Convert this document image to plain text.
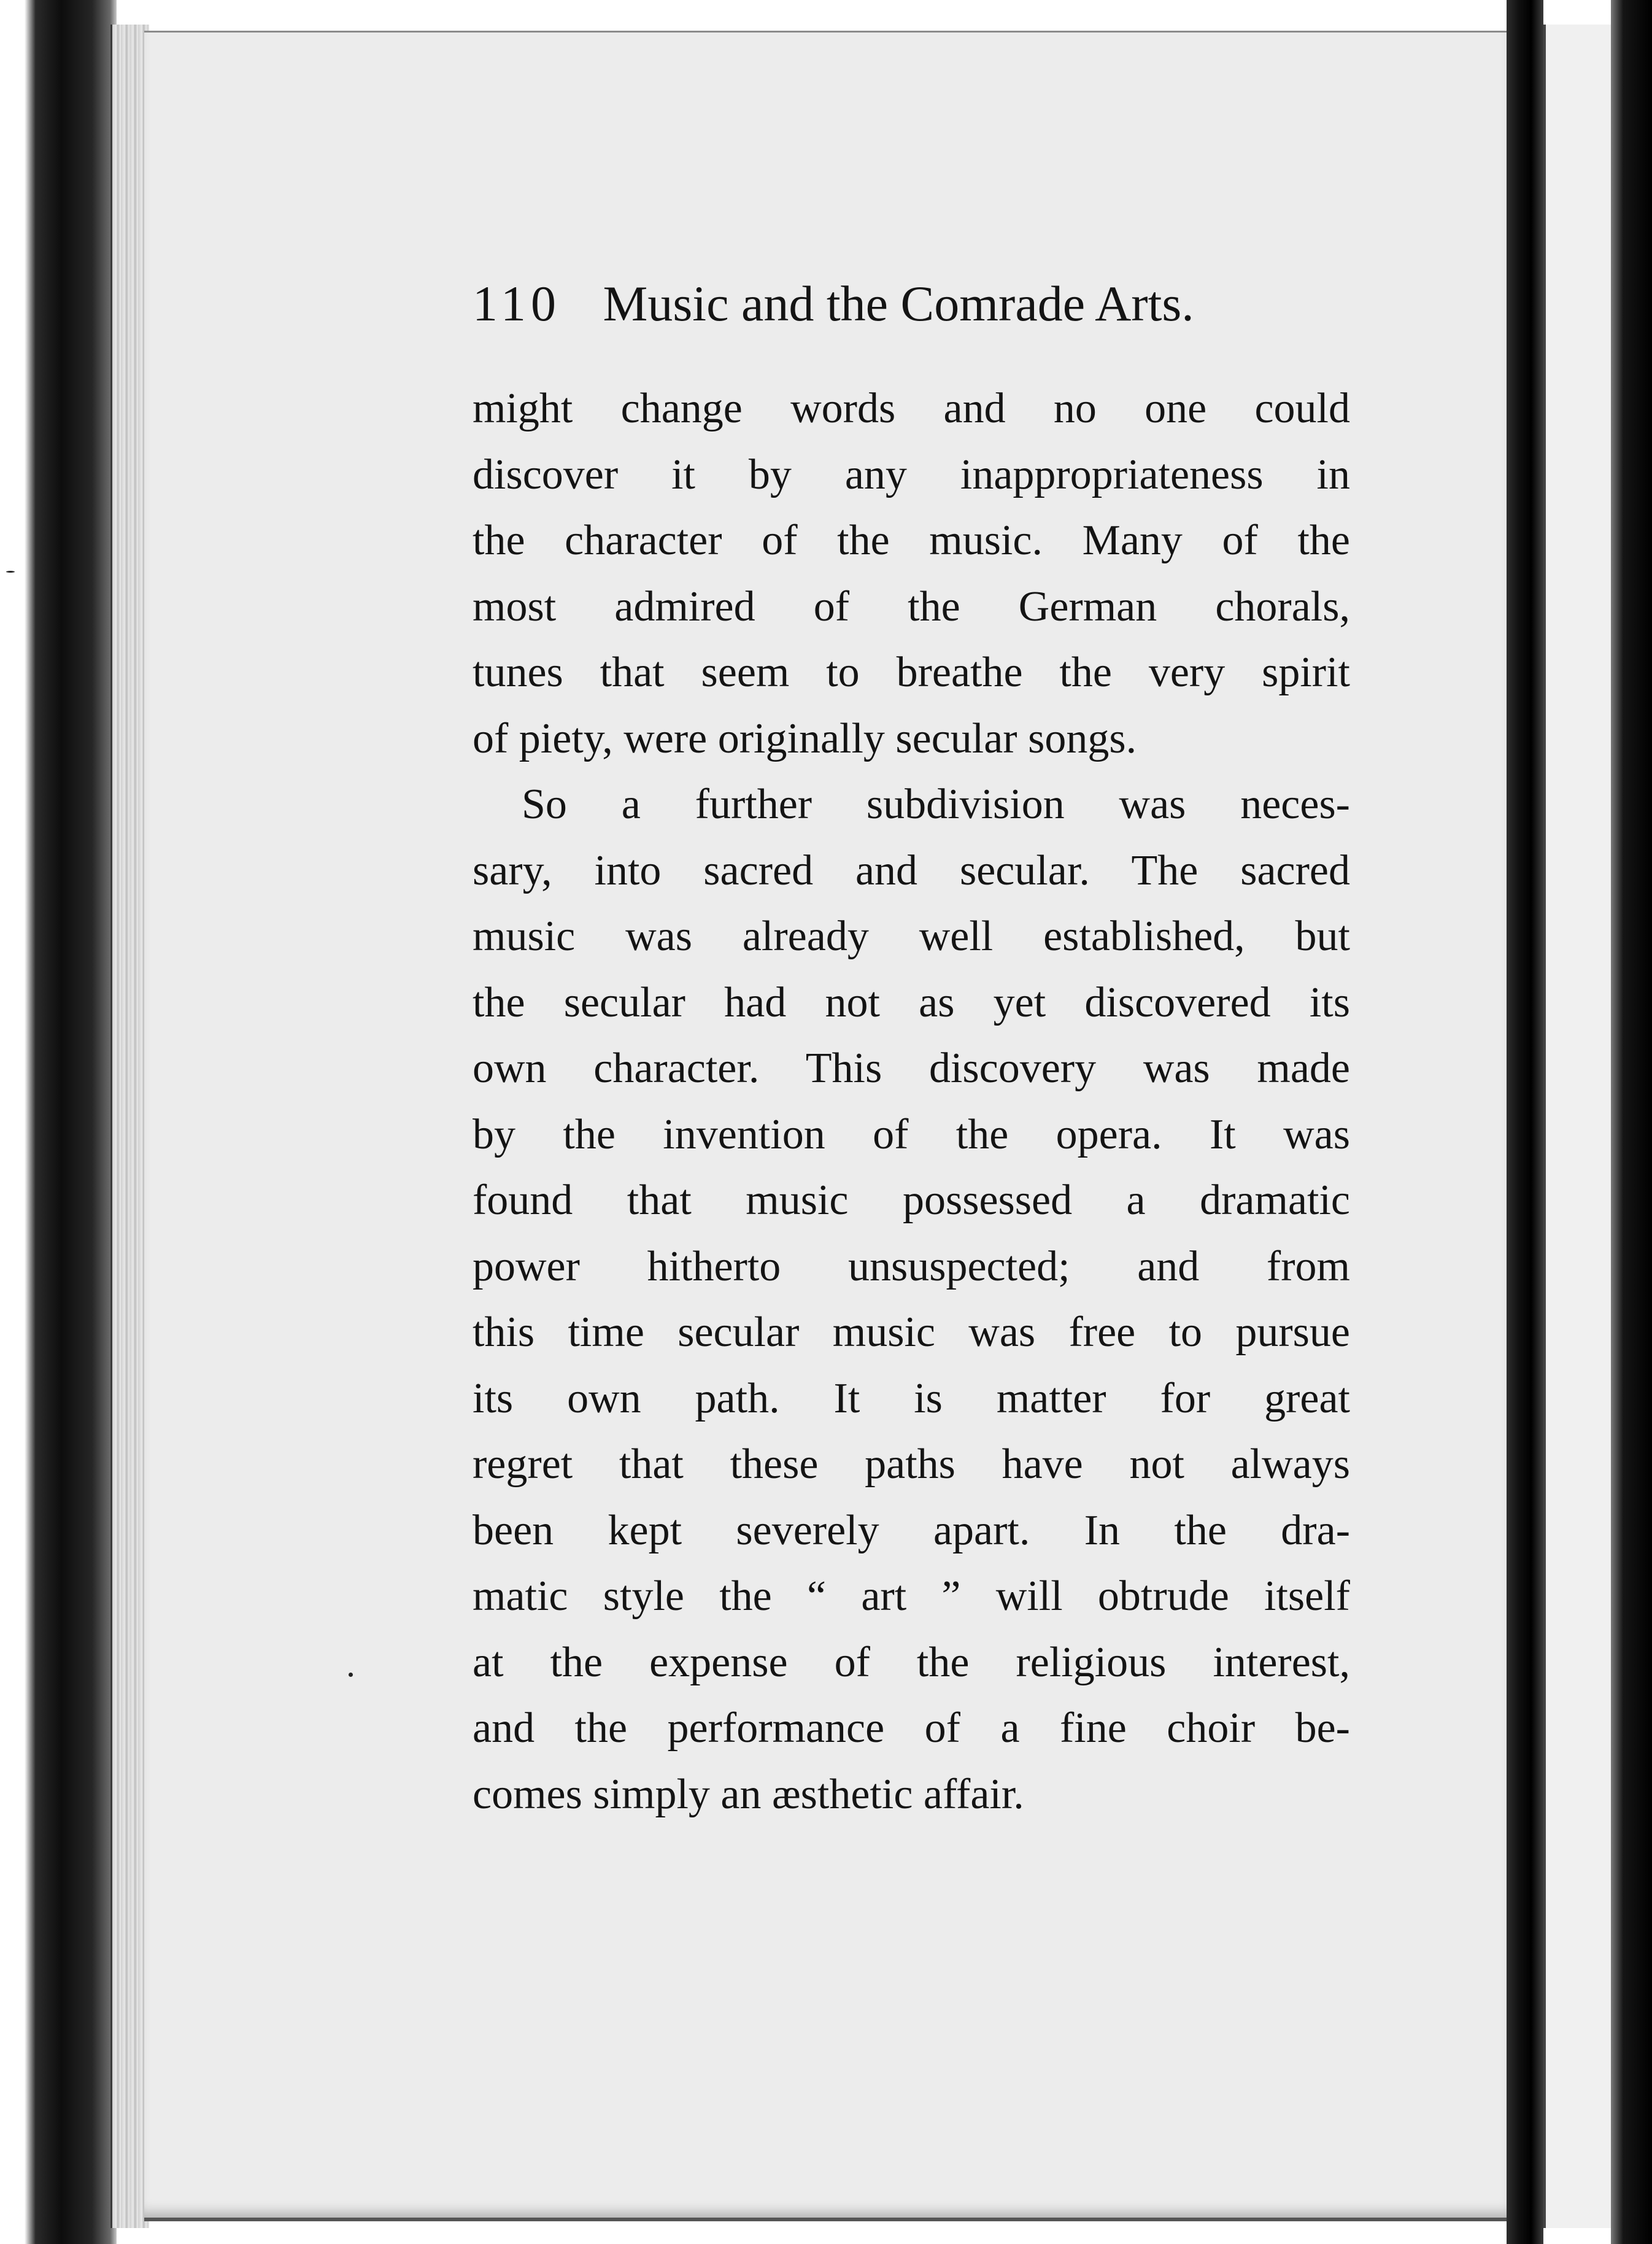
110 Music and the Comrade Arts.
might change words and no one could
discover it by any inappropriateness in
the character of the music. Many of the
most admired of the German chorals,
tunes that seem to breathe the very spirit
of piety, were originally secular songs.
So a further subdivision was neces-
sary, into sacred and secular. The sacred
music was already well established, but
the secular had not as yet discovered its
own character. This discovery was made
by the invention of the opera. It was
found that music possessed a dramatic
power hitherto unsuspected; and from
this time secular music was free to pursue
its own path. It is matter for great
regret that these paths have not always
been kept severely apart. In the dra-
matic style the “ art ” will obtrude itself
at the expense of the religious interest,
and the performance of a fine choir be-
comes simply an æsthetic affair.
